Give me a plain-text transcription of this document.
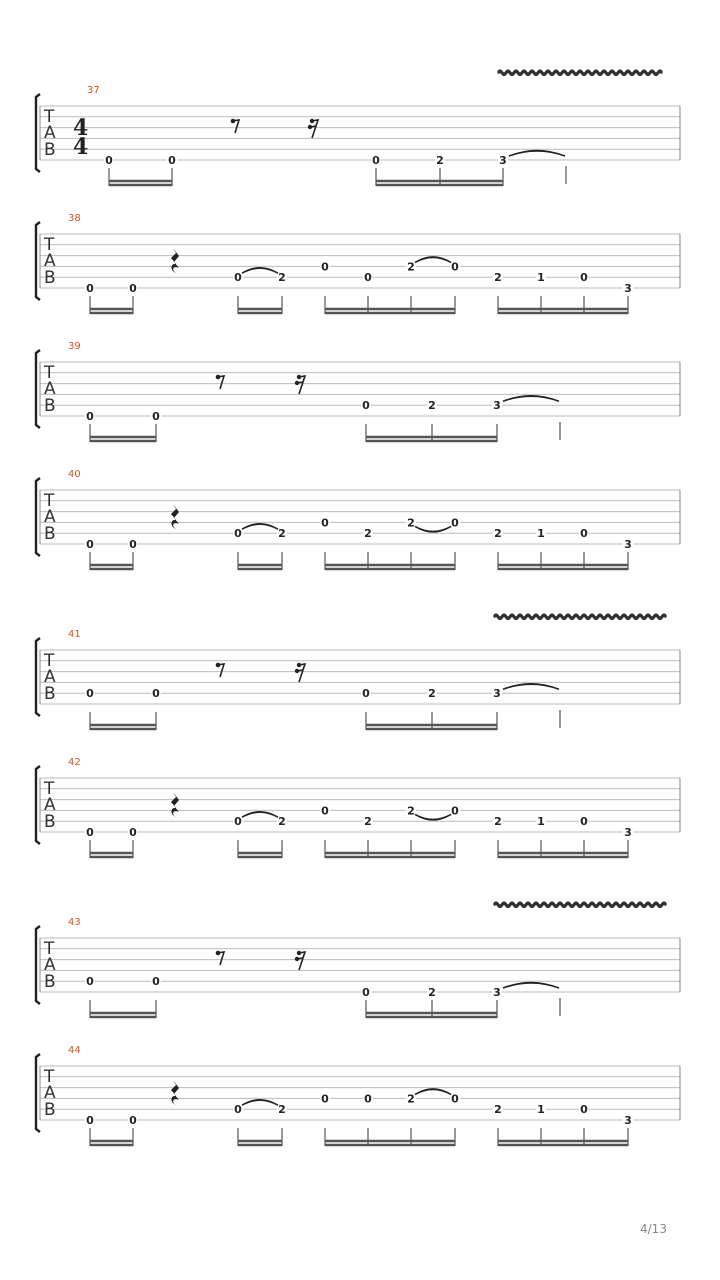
T
A
B
37
4
4
0	0	0	2	3
T
A
B
38
0	0
0	2
0
0
2	0
2	1	0
3
T
A
B
39
0	0
0	2	3
T
A
B
40
0	0
0	2
0
2
2	0
2	1	0
3
T
A
B
41
0	0	0	2	3
T
A
B
42
0	0
0	2
0
2
2	0
2	1	0
3
T
A
B
43
0	0
0	2	3
T
A
B
44
0	0
0	2
0	0	2	0
2	1	0
3
4/13
